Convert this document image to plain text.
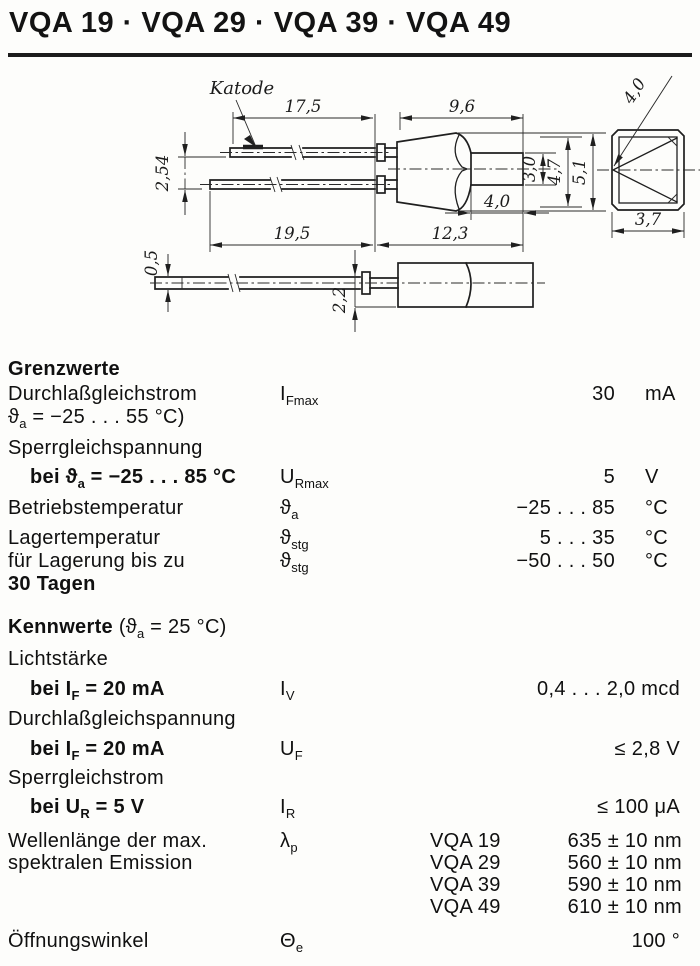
VQA 19 · VQA 29 · VQA 39 · VQA 49
17,5	9,6
2,54	3,0 4,7 5,1
4,0
19,5	12,3
Katode
0,5
2,2
4,0
3,7
Grenzwerte
Durchlaßgleichstrom	$I_{Fmax}$	30	mA
$ϑ_a = -25$ . . . 55 °C)
Sperrgleichspannung
bei $ϑ_a = -25$ . . . 85 °C	$U_{Rmax}$	5	V
Betriebstemperatur	$ϑ_a$	−25 . . . 85	°C
Lagertemperatur	$ϑ_{stg}$	5 . . . 35	°C
für Lagerung bis zu	$ϑ_{stg}$	−50 . . . 50	°C
30 Tagen
Kennwerte ($ϑ_a = 25$ °C)
Lichtstärke
bei $I_F = 20$ mA	$I_V$	0,4 . . . 2,0 mcd
Durchlaßgleichspannung
bei $I_F = 20$ mA	$U_F$	≤ 2,8 V
Sperrgleichstrom
bei $U_R = 5$ V	$I_R$	≤ 100 μA
Wellenlänge der max.	$\lambda_p$	VQA 19	635 ± 10 nm
spektralen Emission	VQA 29	560 ± 10 nm
VQA 39	590 ± 10 nm
VQA 49	610 ± 10 nm
Öffnungswinkel	$\Theta_e$	100 °
